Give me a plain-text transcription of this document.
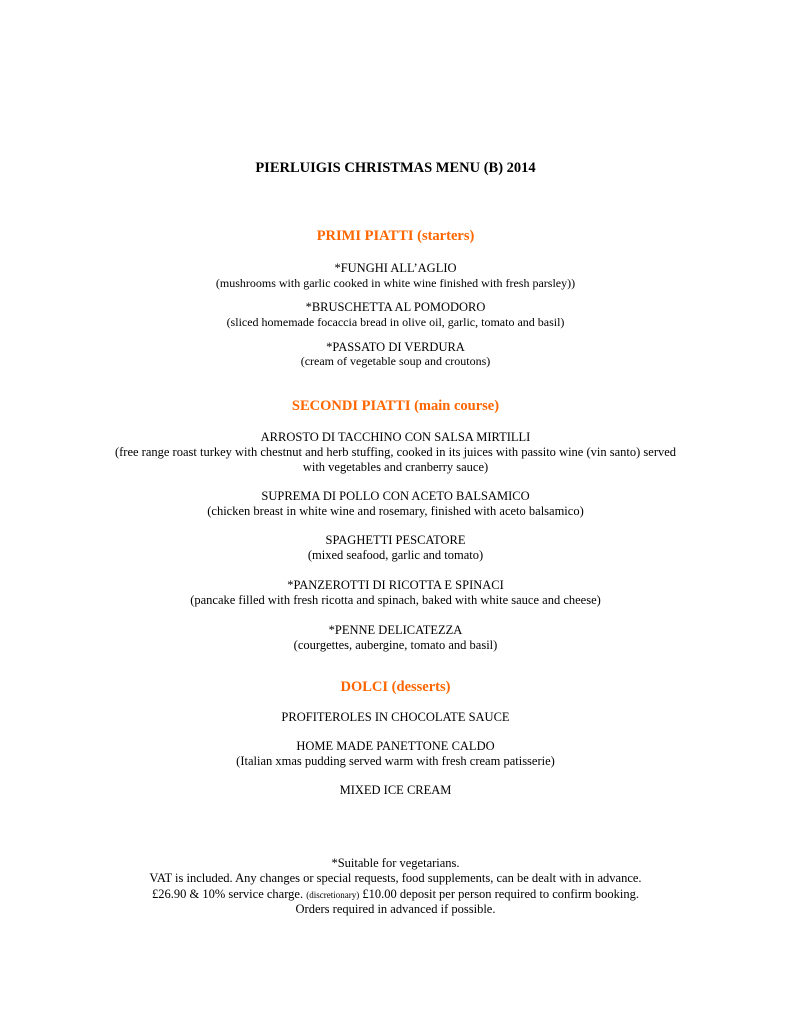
PIERLUIGIS CHRISTMAS MENU (B) 2014
PRIMI PIATTI (starters)
*FUNGHI ALL’AGLIO
(mushrooms with garlic cooked in white wine finished with fresh parsley))
*BRUSCHETTA AL POMODORO
(sliced homemade focaccia bread in olive oil, garlic, tomato and basil)
*PASSATO DI VERDURA
(cream of vegetable soup and croutons)
SECONDI PIATTI (main course)
ARROSTO DI TACCHINO CON SALSA MIRTILLI
(free range roast turkey with chestnut and herb stuffing, cooked in its juices with passito wine (vin santo) served
with vegetables and cranberry sauce)
SUPREMA DI POLLO CON ACETO BALSAMICO
(chicken breast in white wine and rosemary, finished with aceto balsamico)
SPAGHETTI PESCATORE
(mixed seafood, garlic and tomato)
*PANZEROTTI DI RICOTTA E SPINACI
(pancake filled with fresh ricotta and spinach, baked with white sauce and cheese)
*PENNE DELICATEZZA
(courgettes, aubergine, tomato and basil)
DOLCI (desserts)
PROFITEROLES IN CHOCOLATE SAUCE
HOME MADE PANETTONE CALDO
(Italian xmas pudding served warm with fresh cream patisserie)
MIXED ICE CREAM
*Suitable for vegetarians.
VAT is included. Any changes or special requests, food supplements, can be dealt with in advance.
£26.90 & 10% service charge. (discretionary) £10.00 deposit per person required to confirm booking.
Orders required in advanced if possible.
